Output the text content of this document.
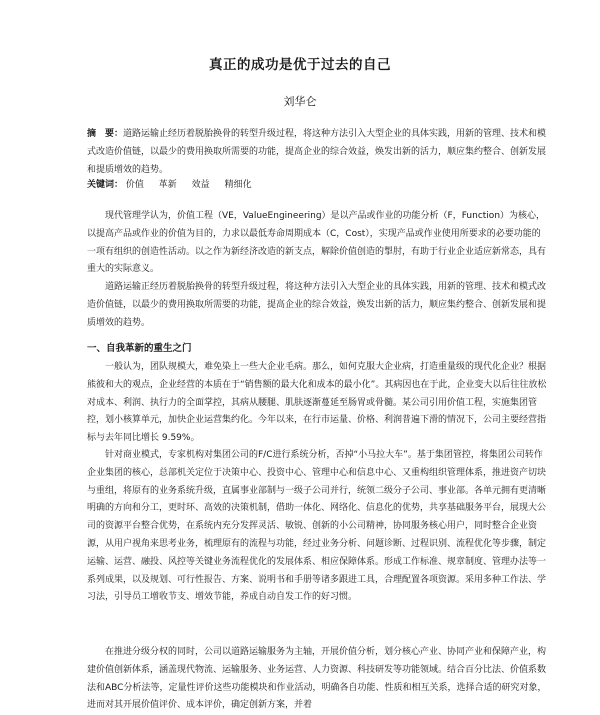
真正的成功是优于过去的自己
刘华仑
摘　要：道路运输止经历着脱胎换骨的转型升级过程，将这种方法引入大型企业的具体实践，用新的管理、技术和模式改造价值链，以最少的费用换取所需要的功能，提高企业的综合效益，焕发出新的活力，顺应集约整合、创新发展和提质增效的趋势。
关键词： 价值 革新 效益 精细化
现代管理学认为，价值工程（VE，ValueEngineering）是以产品或作业的功能分析（F，Function）为核心，以提高产品或作业的价值为目的，力求以最低寿命周期成本（C，Cost），实现产品或作业使用所要求的必要功能的一项有组织的创造性活动。以之作为新经济改造的新支点，解除价值创造的掣肘，有助于行业企业适应新常态，具有重大的实际意义。
道路运输正经历着脱胎换骨的转型升级过程，将这种方法引入大型企业的具体实践，用新的管理、技术和模式改造价值链，以最少的费用换取所需要的功能，提高企业的综合效益，焕发出新的活力，顺应集约整合、创新发展和提质增效的趋势。
一、自我革新的重生之门
一般认为，团队规模大，难免染上一些大企业毛病。那么，如何克服大企业病，打造重量级的现代化企业？根据熊彼和大的观点，企业经营的本质在于“销售额的最大化和成本的最小化”。其病因也在于此，企业变大以后往往放松对成本、利润、执行力的全面掌控，其病从腰腿、肌肤逐渐蔓延至肠胃或骨髓。某公司引用价值工程，实施集团管控，划小核算单元，加快企业运营集约化。今年以来，在行市运量、价格、利润普遍下滑的情况下，公司主要经营指标与去年同比增长 9.59%。
针对商业模式，专家机构对集团公司的F/C进行系统分析，否掉“小马拉大车”。基于集团管控，将集团公司转作企业集团的核心，总部机关定位于决策中心、投资中心、管理中心和信息中心、又重构组织管理体系，推进资产切块与重组，将原有的业务系统升级，直属事业部制与一级子公司并行，统领二级分子公司、事业部。各单元拥有更清晰明确的方向和分工，更时环、高效的决策机制，借助一体化、网络化、信息化的优势，共享基础服务平台，展现大公司的资源平台整合优势，在系统内充分发挥灵活、敏锐、创新的小公司精神，协同服务核心用户，同时整合企业资源，从用户视角来思考业务，梳理原有的流程与功能，经过业务分析、问题诊断、过程识别、流程优化等步骤，制定运输、运营、融投、风控等关键业务流程优化的发展体系、相应保障体系。形成工作标准、规章制度、管理办法等一系列成果，以及规划、可行性报告、方案、说明书和手册等诸多跟进工具，合理配置各项资源。采用多种工作法、学习法，引导员工增收节支、增效节能，养成自动自发工作的好习惯。
在推进分级分权的同时，公司以道路运输服务为主轴，开展价值分析，划分核心产业、协同产业和保障产业，构建价值创新体系，涵盖现代物流、运输服务、业务运营、人力资源、科技研发等功能领域。结合百分比法、价值系数法和ABC分析法等，定量性评价这些功能模块和作业活动，明确各自功能、性质和相互关系，选择合适的研究对象，进而对其开展价值评价、成本评价，确定创新方案，并着
